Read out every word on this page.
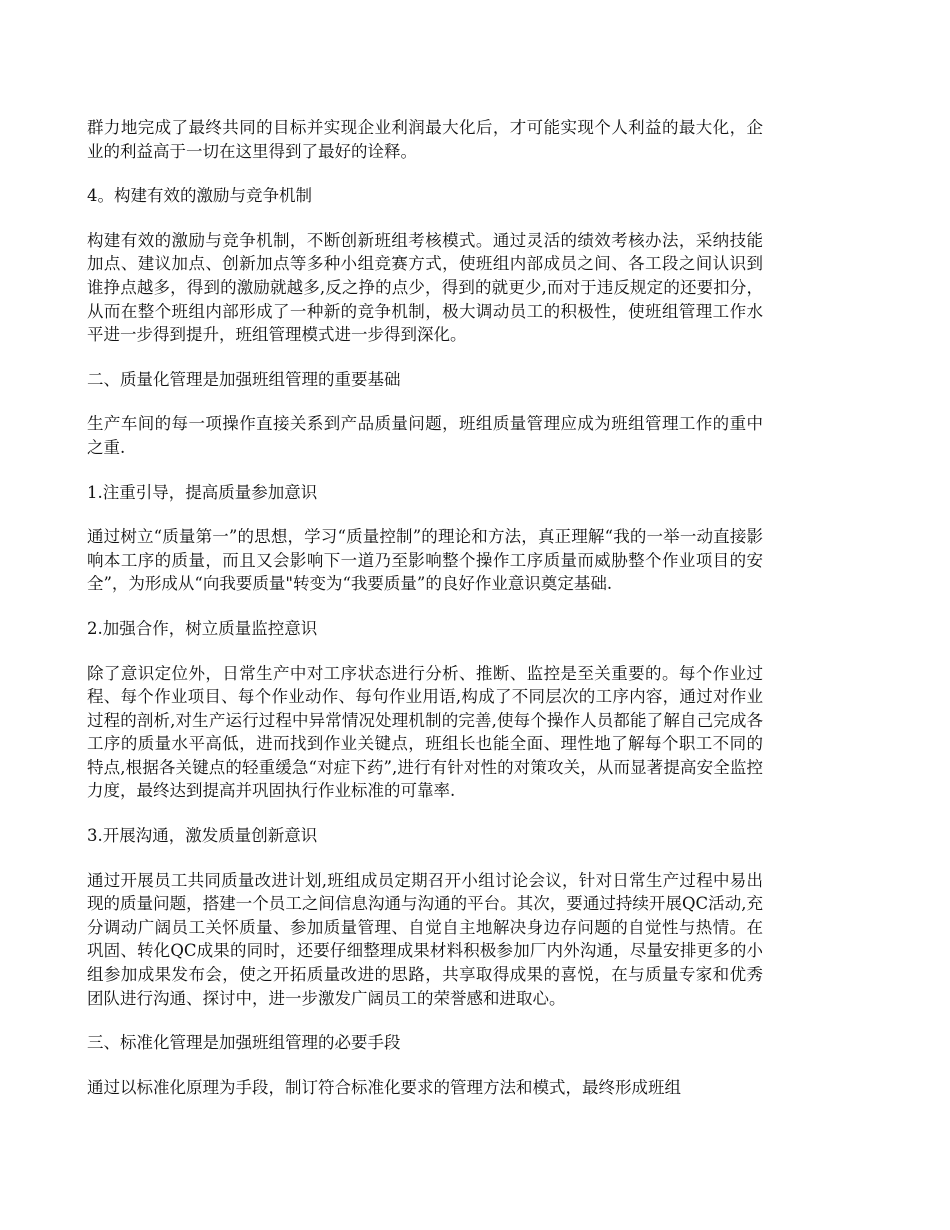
群力地完成了最终共同的目标并实现企业利润最大化后，才可能实现个人利益的最大化，企业的利益高于一切在这里得到了最好的诠释。

4。构建有效的激励与竞争机制

构建有效的激励与竞争机制，不断创新班组考核模式。通过灵活的绩效考核办法，采纳技能加点、建议加点、创新加点等多种小组竞赛方式，使班组内部成员之间、各工段之间认识到谁挣点越多，得到的激励就越多,反之挣的点少，得到的就更少,而对于违反规定的还要扣分，从而在整个班组内部形成了一种新的竞争机制，极大调动员工的积极性，使班组管理工作水平进一步得到提升，班组管理模式进一步得到深化。

二、质量化管理是加强班组管理的重要基础

生产车间的每一项操作直接关系到产品质量问题，班组质量管理应成为班组管理工作的重中之重.

1.注重引导，提高质量参加意识

通过树立“质量第一”的思想，学习“质量控制”的理论和方法，真正理解“我的一举一动直接影响本工序的质量，而且又会影响下一道乃至影响整个操作工序质量而威胁整个作业项目的安全”，为形成从“向我要质量"转变为“我要质量”的良好作业意识奠定基础.

2.加强合作，树立质量监控意识

除了意识定位外，日常生产中对工序状态进行分析、推断、监控是至关重要的。每个作业过程、每个作业项目、每个作业动作、每句作业用语,构成了不同层次的工序内容，通过对作业过程的剖析,对生产运行过程中异常情况处理机制的完善,使每个操作人员都能了解自己完成各工序的质量水平高低，进而找到作业关键点，班组长也能全面、理性地了解每个职工不同的特点,根据各关键点的轻重缓急“对症下药”,进行有针对性的对策攻关，从而显著提高安全监控力度，最终达到提高并巩固执行作业标准的可靠率.

3.开展沟通，激发质量创新意识

通过开展员工共同质量改进计划,班组成员定期召开小组讨论会议，针对日常生产过程中易出现的质量问题，搭建一个员工之间信息沟通与沟通的平台。其次，要通过持续开展QC活动,充分调动广阔员工关怀质量、参加质量管理、自觉自主地解决身边存问题的自觉性与热情。在巩固、转化QC成果的同时，还要仔细整理成果材料积极参加厂内外沟通，尽量安排更多的小组参加成果发布会，使之开拓质量改进的思路，共享取得成果的喜悦，在与质量专家和优秀团队进行沟通、探讨中，进一步激发广阔员工的荣誉感和进取心。

三、标准化管理是加强班组管理的必要手段

通过以标准化原理为手段，制订符合标准化要求的管理方法和模式，最终形成班组
